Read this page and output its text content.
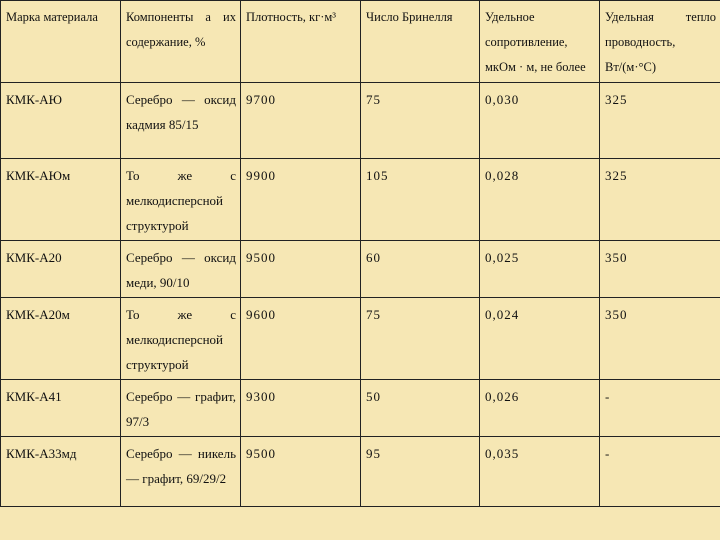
Марка материала	Компоненты а их содержание, %	Плотность, кг·м³	Число Бринелля	Удельное сопротивление, мкОм · м, не более	Удельная тепло проводность, Вт/(м·°С)

КМК-АЮ	Серебро — оксид кадмия 85/15	9700	75	0,030	325
КМК-АЮм	То же с мелкодисперсной структурой	9900	105	0,028	325
КМК-А20	Серебро — оксид меди, 90/10	9500	60	0,025	350
КМК-А20м	То же с мелкодисперсной структурой	9600	75	0,024	350
КМК-А41	Серебро — графит, 97/3	9300	50	0,026	-
КМК-А33мд	Серебро — никель — графит, 69/29/2	9500	95	0,035	-
